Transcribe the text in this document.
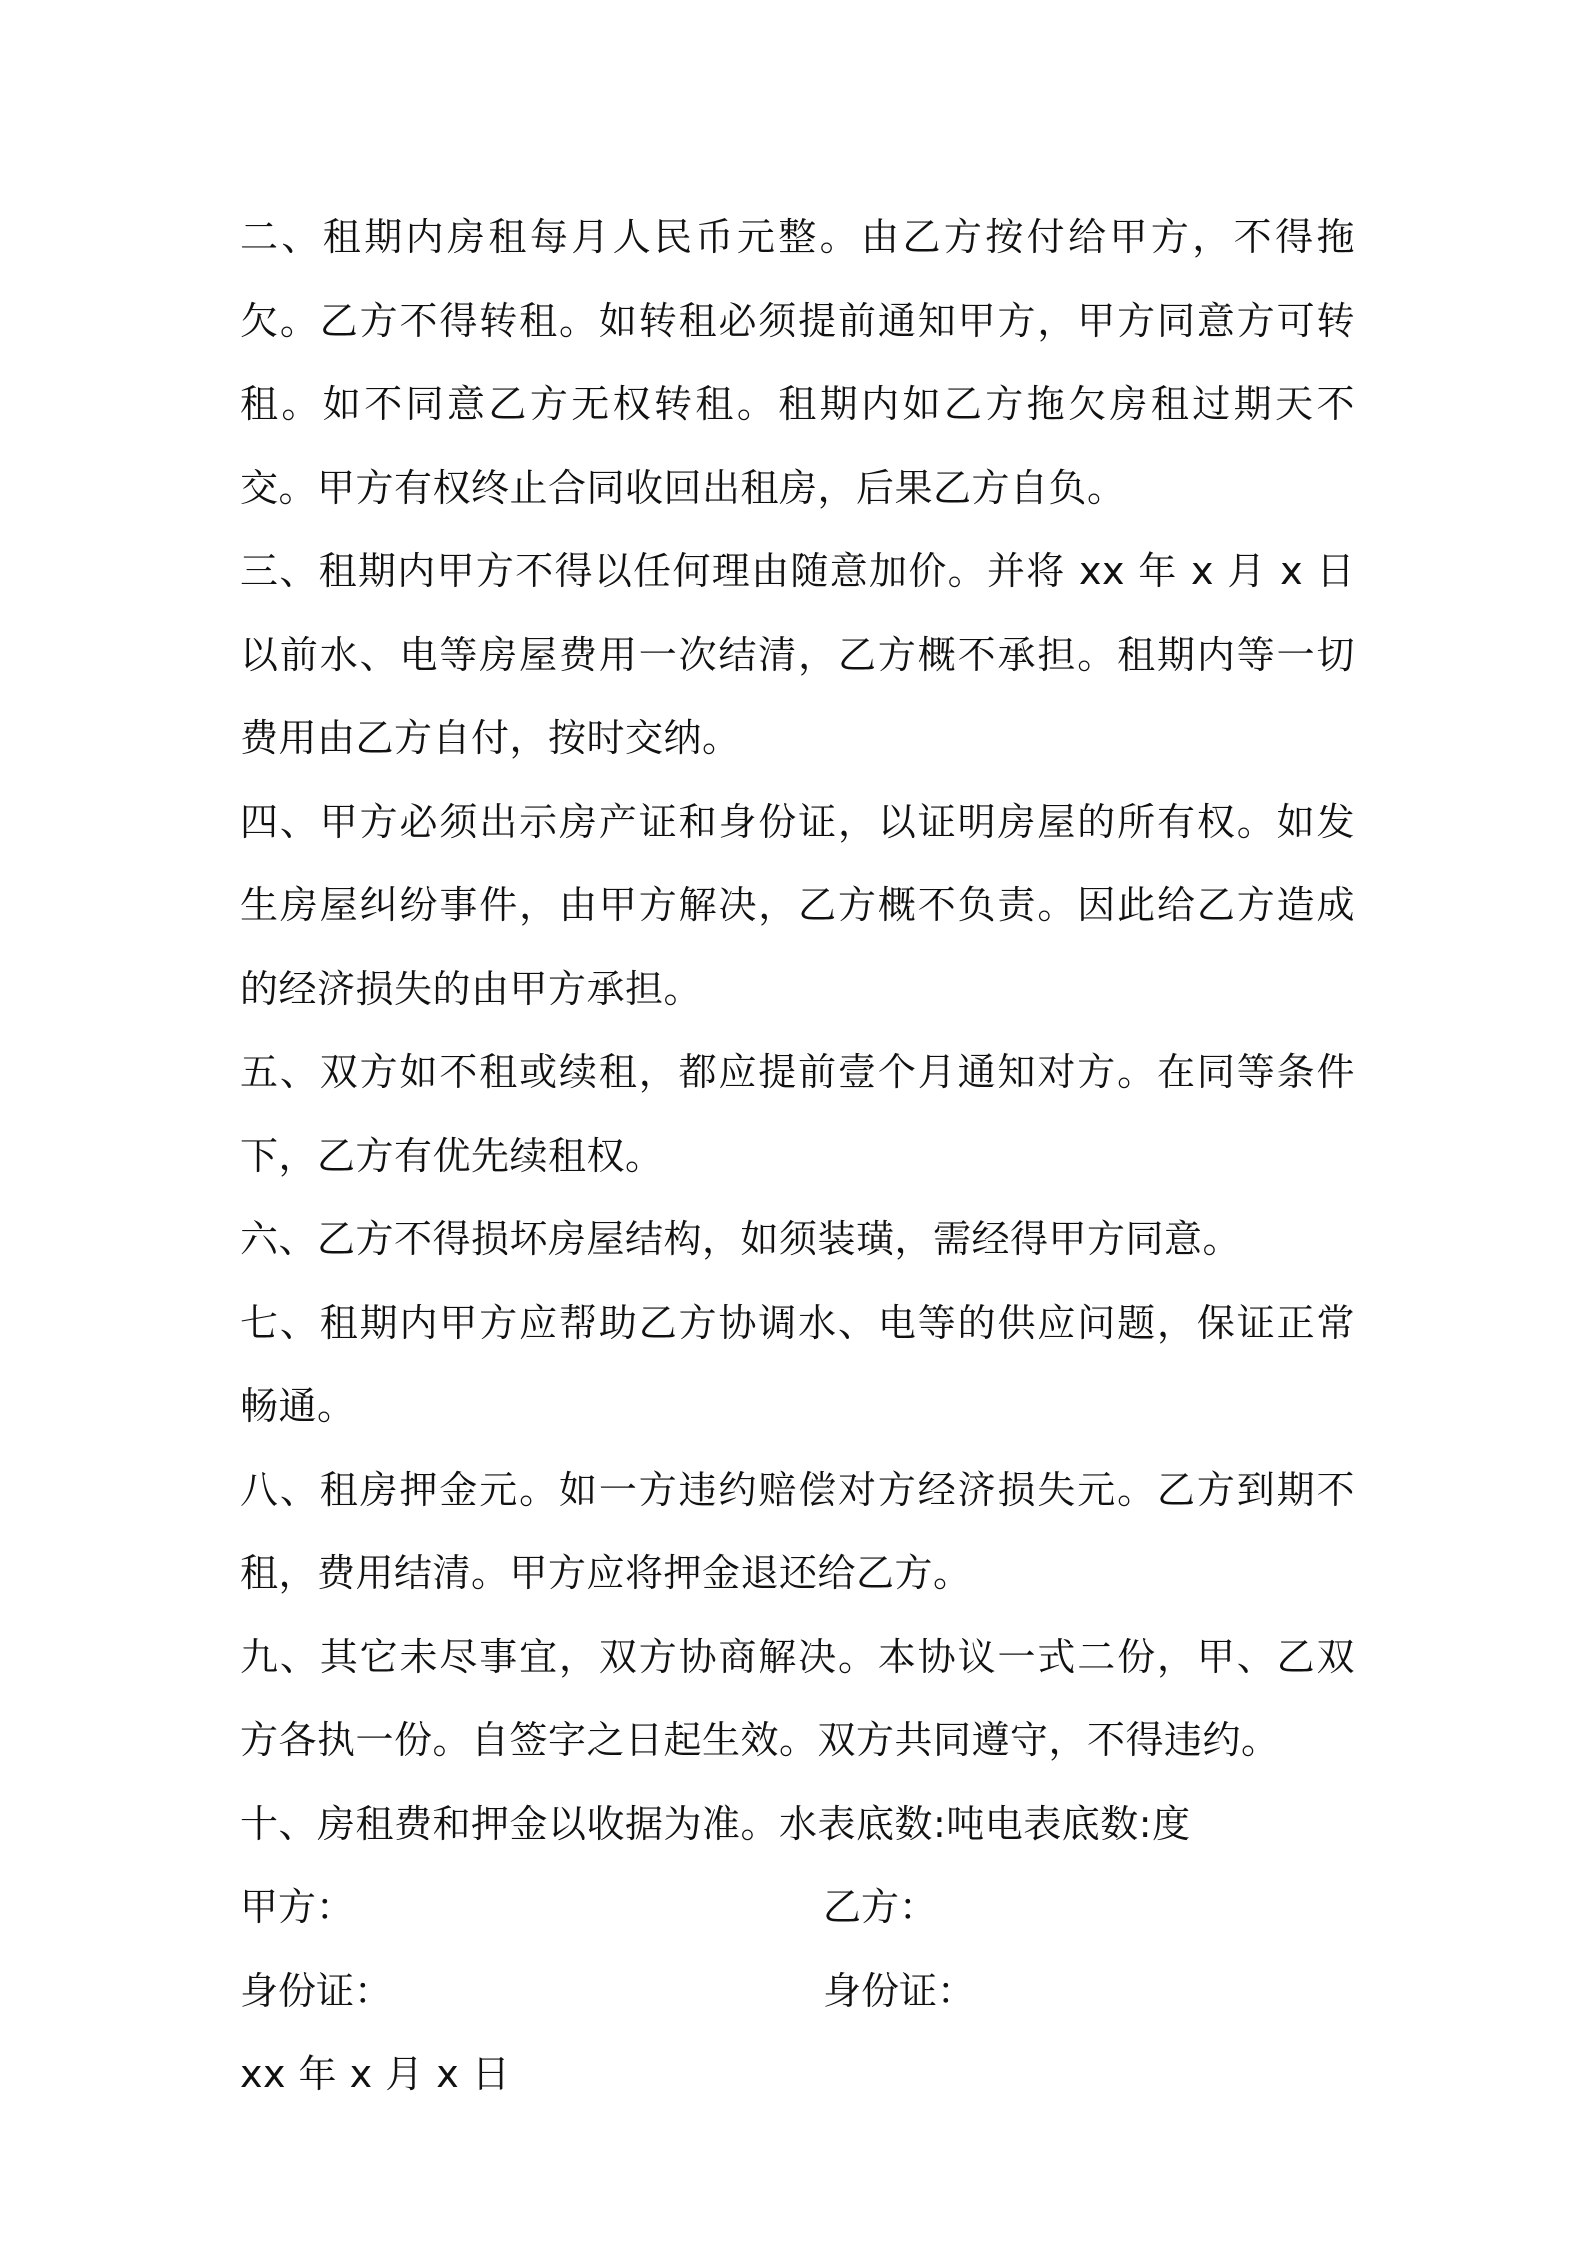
二、租期内房租每月人民币元整。由乙方按付给甲方，不得拖欠。乙方不得转租。如转租必须提前通知甲方，甲方同意方可转租。如不同意乙方无权转租。租期内如乙方拖欠房租过期天不交。甲方有权终止合同收回出租房，后果乙方自负。

三、租期内甲方不得以任何理由随意加价。并将 xx 年 x 月 x 日以前水、电等房屋费用一次结清，乙方概不承担。租期内等一切费用由乙方自付，按时交纳。

四、甲方必须出示房产证和身份证，以证明房屋的所有权。如发生房屋纠纷事件，由甲方解决，乙方概不负责。因此给乙方造成的经济损失的由甲方承担。

五、双方如不租或续租，都应提前壹个月通知对方。在同等条件下，乙方有优先续租权。

六、乙方不得损坏房屋结构，如须装璜，需经得甲方同意。

七、租期内甲方应帮助乙方协调水、电等的供应问题，保证正常畅通。

八、租房押金元。如一方违约赔偿对方经济损失元。乙方到期不租，费用结清。甲方应将押金退还给乙方。

九、其它未尽事宜，双方协商解决。本协议一式二份，甲、乙双方各执一份。自签字之日起生效。双方共同遵守，不得违约。

十、房租费和押金以收据为准。水表底数:吨电表底数:度

甲方：	乙方：
身份证：	身份证：

xx 年 x 月 x 日
